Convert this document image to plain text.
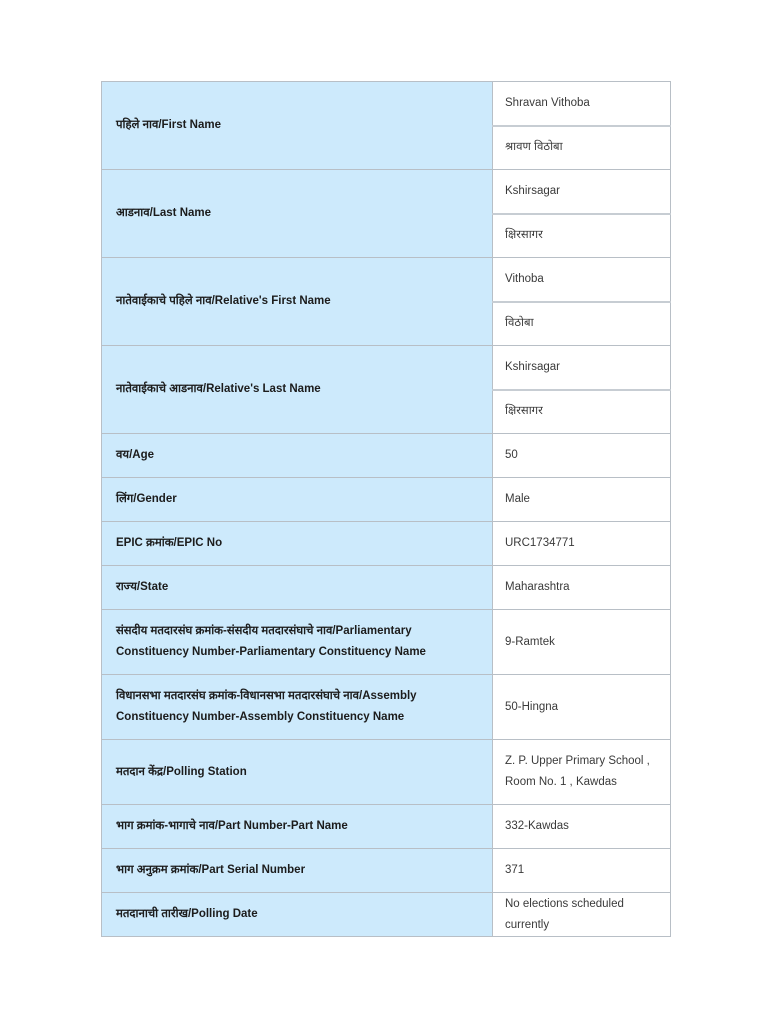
पहिले नाव/First Name	Shravan Vithoba
	श्रावण विठोबा
आडनाव/Last Name	Kshirsagar
	क्षिरसागर
नातेवाईकाचे पहिले नाव/Relative's First Name	Vithoba
	विठोबा
नातेवाईकाचे आडनाव/Relative's Last Name	Kshirsagar
	क्षिरसागर
वय/Age	50
लिंग/Gender	Male
EPIC क्रमांक/EPIC No	URC1734771
राज्य/State	Maharashtra
संसदीय मतदारसंघ क्रमांक-संसदीय मतदारसंघाचे नाव/Parliamentary Constituency Number-Parliamentary Constituency Name	9-Ramtek
विधानसभा मतदारसंघ क्रमांक-विधानसभा मतदारसंघाचे नाव/Assembly Constituency Number-Assembly Constituency Name	50-Hingna
मतदान केंद्र/Polling Station	Z. P. Upper Primary School , Room No. 1 , Kawdas
भाग क्रमांक-भागाचे नाव/Part Number-Part Name	332-Kawdas
भाग अनुक्रम क्रमांक/Part Serial Number	371
मतदानाची तारीख/Polling Date	No elections scheduled currently
